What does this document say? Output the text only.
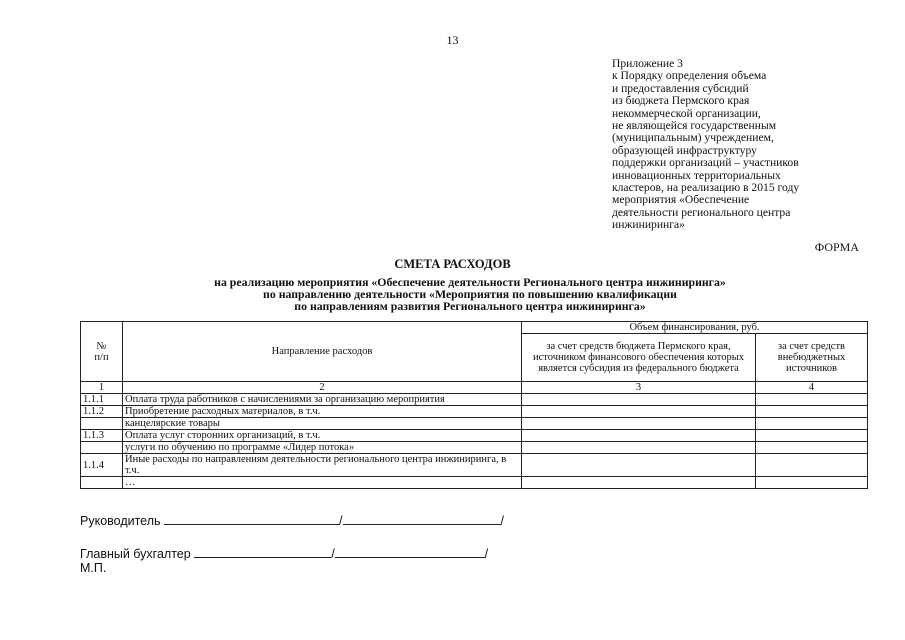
13
Приложение 3
к Порядку определения объема
и предоставления субсидий
из бюджета Пермского края
некоммерческой организации,
не являющейся государственным
(муниципальным) учреждением,
образующей инфраструктуру
поддержки организаций – участников
инновационных территориальных
кластеров, на реализацию в 2015 году
мероприятия «Обеспечение
деятельности регионального центра
инжиниринга»
ФОРМА
СМЕТА РАСХОДОВ
на реализацию мероприятия «Обеспечение деятельности Регионального центра инжиниринга»
по направлению деятельности «Мероприятия по повышению квалификации
по направлениям развития Регионального центра инжиниринга»
№
п/п	Направление расходов	Объем финансирования, руб.	
		за счет средств бюджета Пермского края, источником финансового обеспечения которых является субсидия из федерального бюджета	за счет средств внебюджетных источников
1	2	3	4
1.1.1	Оплата труда работников с начислениями за организацию мероприятия		
1.1.2	Приобретение расходных материалов, в т.ч.		
	канцелярские товары		
1.1.3	Оплата услуг сторонних организаций, в т.ч.		
	услуги по обучению по программе «Лидер потока»		
1.1.4	Иные расходы по направлениям деятельности регионального центра инжиниринга, в т.ч.		
	…		
Руководитель	/	/
Главный бухгалтер	/	/
М.П.
